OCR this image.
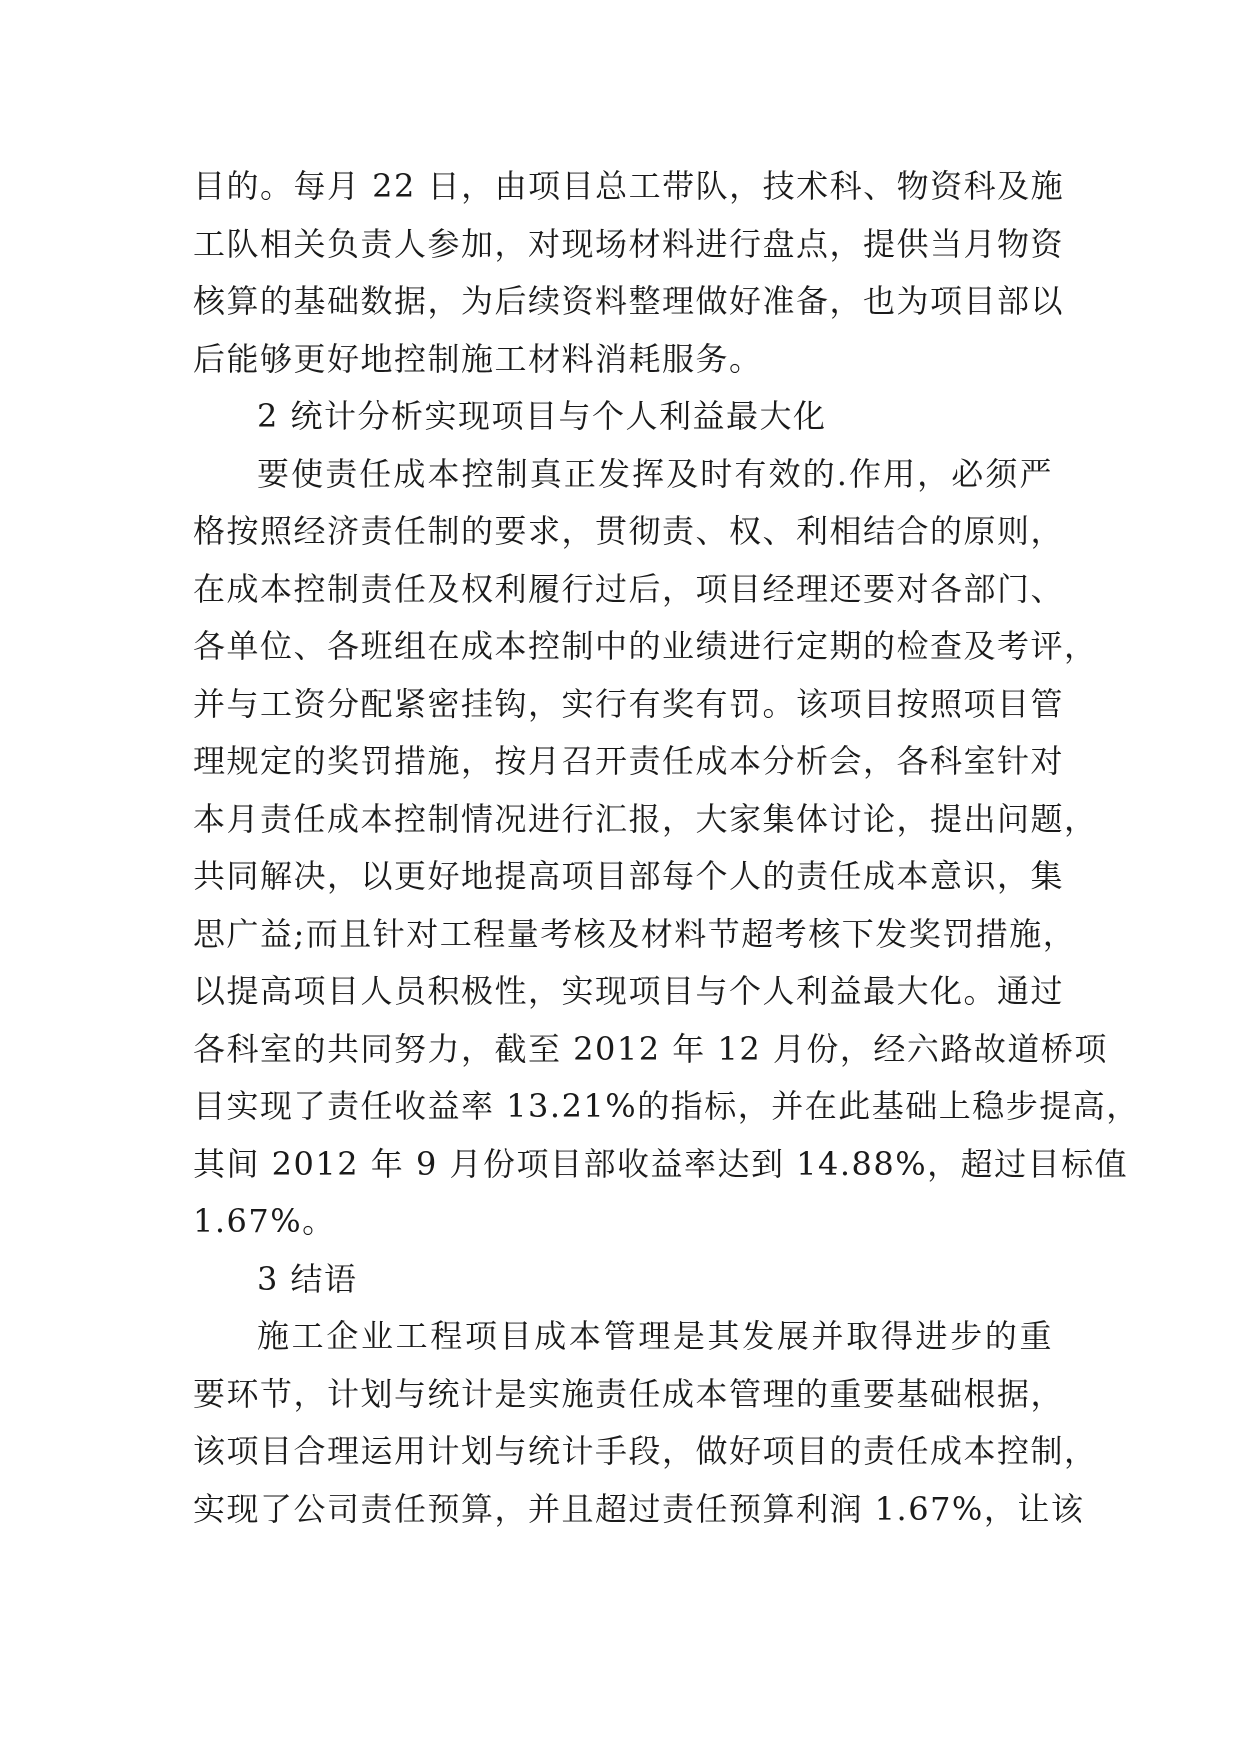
目的。每月 22 日，由项目总工带队，技术科、物资科及施
工队相关负责人参加，对现场材料进行盘点，提供当月物资
核算的基础数据，为后续资料整理做好准备，也为项目部以
后能够更好地控制施工材料消耗服务。
2 统计分析实现项目与个人利益最大化
要使责任成本控制真正发挥及时有效的.作用，必须严
格按照经济责任制的要求，贯彻责、权、利相结合的原则，
在成本控制责任及权利履行过后，项目经理还要对各部门、
各单位、各班组在成本控制中的业绩进行定期的检查及考评，
并与工资分配紧密挂钩，实行有奖有罚。该项目按照项目管
理规定的奖罚措施，按月召开责任成本分析会，各科室针对
本月责任成本控制情况进行汇报，大家集体讨论，提出问题，
共同解决，以更好地提高项目部每个人的责任成本意识，集
思广益;而且针对工程量考核及材料节超考核下发奖罚措施，
以提高项目人员积极性，实现项目与个人利益最大化。通过
各科室的共同努力，截至 2012 年 12 月份，经六路故道桥项
目实现了责任收益率 13.21%的指标，并在此基础上稳步提高，
其间 2012 年 9 月份项目部收益率达到 14.88%，超过目标值
1.67%。
3 结语
施工企业工程项目成本管理是其发展并取得进步的重
要环节，计划与统计是实施责任成本管理的重要基础根据，
该项目合理运用计划与统计手段，做好项目的责任成本控制，
实现了公司责任预算，并且超过责任预算利润 1.67%，让该
